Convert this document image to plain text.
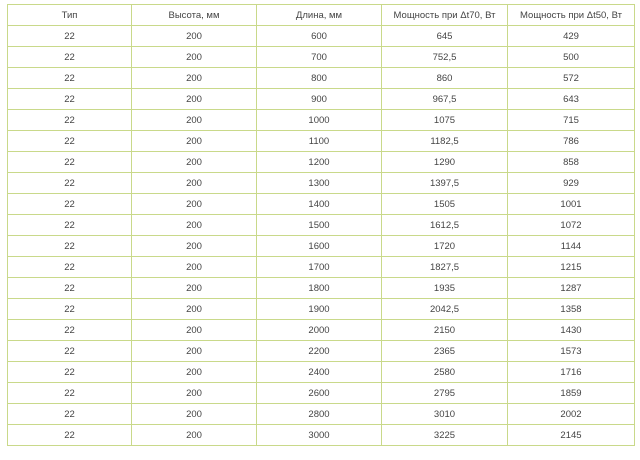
Тип	Высота, мм	Длина, мм	Мощность при Δt70, Вт	Мощность при Δt50, Вт
22	200	600	645	429
22	200	700	752,5	500
22	200	800	860	572
22	200	900	967,5	643
22	200	1000	1075	715
22	200	1100	1182,5	786
22	200	1200	1290	858
22	200	1300	1397,5	929
22	200	1400	1505	1001
22	200	1500	1612,5	1072
22	200	1600	1720	1144
22	200	1700	1827,5	1215
22	200	1800	1935	1287
22	200	1900	2042,5	1358
22	200	2000	2150	1430
22	200	2200	2365	1573
22	200	2400	2580	1716
22	200	2600	2795	1859
22	200	2800	3010	2002
22	200	3000	3225	2145
